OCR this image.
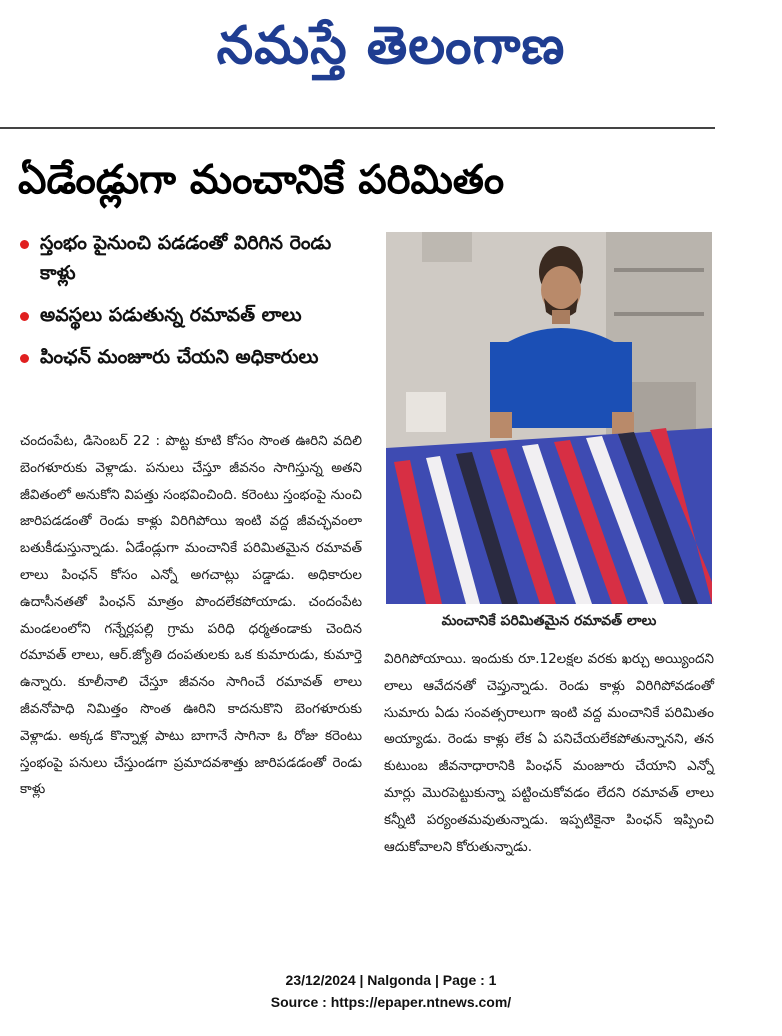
నమస్తే తెలంగాణ
ఏడేండ్లుగా మంచానికే పరిమితం
స్తంభం పైనుంచి పడడంతో విరిగిన రెండు కాళ్లు
అవస్థలు పడుతున్న రమావత్ లాలు
పింఛన్ మంజూరు చేయని అధికారులు

చందంపేట, డిసెంబర్ 22 : పొట్ట కూటి కోసం సొంత ఊరిని వదిలి బెంగళూరుకు వెళ్లాడు. పనులు చేస్తూ జీవనం సాగిస్తున్న అతని జీవితంలో అనుకోని విపత్తు సంభవించింది. కరెంటు స్తంభంపై నుంచి జారిపడడంతో రెండు కాళ్లు విరిగిపోయి ఇంటి వద్ద జీవచ్ఛవంలా బతుకీడుస్తున్నాడు. ఏడేండ్లుగా మంచానికే పరిమితమైన రమావత్ లాలు పింఛన్ కోసం ఎన్నో అగచాట్లు పడ్డాడు. అధికారుల ఉదాసీనతతో పింఛన్ మాత్రం పొందలేకపోయాడు. చందంపేట మండలంలోని గన్నేర్లపల్లి గ్రామ పరిధి ధర్మతండాకు చెందిన రమావత్ లాలు, ఆర్.జ్యోతి దంపతులకు ఒక కుమారుడు, కుమార్తె ఉన్నారు. కూలీనాలి చేస్తూ జీవనం సాగించే రమావత్ లాలు జీవనోపాధి నిమిత్తం సొంత ఊరిని కాదనుకొని బెంగళూరుకు వెళ్లాడు. అక్కడ కొన్నాళ్ల పాటు బాగానే సాగినా ఓ రోజు కరెంటు స్తంభంపై పనులు చేస్తుండగా ప్రమాదవశాత్తు జారిపడడంతో రెండు కాళ్లు

మంచానికే పరిమితమైన రమావత్ లాలు

విరిగిపోయాయి. ఇందుకు రూ.12లక్షల వరకు ఖర్చు అయ్యిందని లాలు ఆవేదనతో చెప్తున్నాడు. రెండు కాళ్లు విరిగిపోవడంతో సుమారు ఏడు సంవత్సరాలుగా ఇంటి వద్ద మంచానికే పరిమితం అయ్యాడు. రెండు కాళ్లు లేక ఏ పనిచేయలేకపోతున్నానని, తన కుటుంబ జీవనాధారానికి పింఛన్ మంజూరు చేయాని ఎన్నో మార్లు మొరపెట్టుకున్నా పట్టించుకోవడం లేదని రమావత్ లాలు కన్నీటి పర్యంతమవుతున్నాడు. ఇప్పటికైనా పింఛన్ ఇప్పించి ఆదుకోవాలని కోరుతున్నాడు.

23/12/2024 | Nalgonda | Page : 1
Source : https://epaper.ntnews.com/
